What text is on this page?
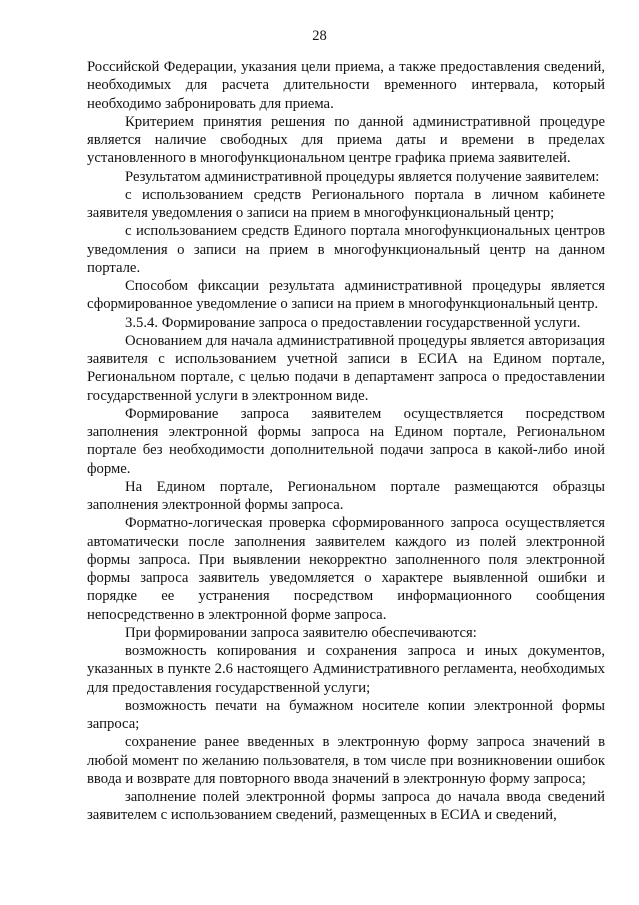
28

Российской Федерации, указания цели приема, а также предоставления сведений, необходимых для расчета длительности временного интервала, который необходимо забронировать для приема.

Критерием принятия решения по данной административной процедуре является наличие свободных для приема даты и времени в пределах установленного в многофункциональном центре графика приема заявителей.

Результатом административной процедуры является получение заявителем:

с использованием средств Регионального портала в личном кабинете заявителя уведомления о записи на прием в многофункциональный центр;

с использованием средств Единого портала многофункциональных центров уведомления о записи на прием в многофункциональный центр на данном портале.

Способом фиксации результата административной процедуры является сформированное уведомление о записи на прием в многофункциональный центр.

3.5.4. Формирование запроса о предоставлении государственной услуги.

Основанием для начала административной процедуры является авторизация заявителя с использованием учетной записи в ЕСИА на Едином портале, Региональном портале, с целью подачи в департамент запроса о предоставлении государственной услуги в электронном виде.

Формирование запроса заявителем осуществляется посредством заполнения электронной формы запроса на Едином портале, Региональном портале без необходимости дополнительной подачи запроса в какой-либо иной форме.

На Едином портале, Региональном портале размещаются образцы заполнения электронной формы запроса.

Форматно-логическая проверка сформированного запроса осуществляется автоматически после заполнения заявителем каждого из полей электронной формы запроса. При выявлении некорректно заполненного поля электронной формы запроса заявитель уведомляется о характере выявленной ошибки и порядке ее устранения посредством информационного сообщения непосредственно в электронной форме запроса.

При формировании запроса заявителю обеспечиваются:

возможность копирования и сохранения запроса и иных документов, указанных в пункте 2.6 настоящего Административного регламента, необходимых для предоставления государственной услуги;

возможность печати на бумажном носителе копии электронной формы запроса;

сохранение ранее введенных в электронную форму запроса значений в любой момент по желанию пользователя, в том числе при возникновении ошибок ввода и возврате для повторного ввода значений в электронную форму запроса;

заполнение полей электронной формы запроса до начала ввода сведений заявителем с использованием сведений, размещенных в ЕСИА и сведений,
